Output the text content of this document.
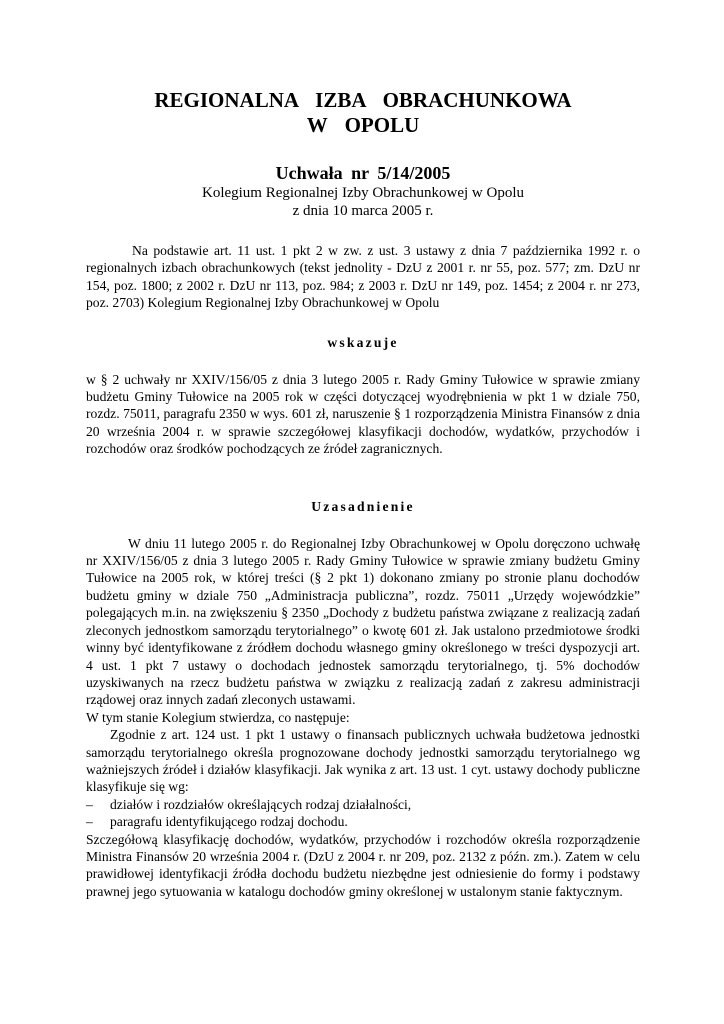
REGIONALNA IZBA OBRACHUNKOWA
W OPOLU
Uchwała nr 5/14/2005
Kolegium Regionalnej Izby Obrachunkowej w Opolu
z dnia 10 marca 2005 r.

Na podstawie art. 11 ust. 1 pkt 2 w zw. z ust. 3 ustawy z dnia 7 października 1992 r. o regionalnych izbach obrachunkowych (tekst jednolity - DzU z 2001 r. nr 55, poz. 577; zm. DzU nr 154, poz. 1800; z 2002 r. DzU nr 113, poz. 984; z 2003 r. DzU nr 149, poz. 1454; z 2004 r. nr 273, poz. 2703) Kolegium Regionalnej Izby Obrachunkowej w Opolu

wskazuje

w § 2 uchwały nr XXIV/156/05 z dnia 3 lutego 2005 r. Rady Gminy Tułowice w sprawie zmiany budżetu Gminy Tułowice na 2005 rok w części dotyczącej wyodrębnienia w pkt 1 w dziale 750, rozdz. 75011, paragrafu 2350 w wys. 601 zł, naruszenie § 1 rozporządzenia Ministra Finansów z dnia 20 września 2004 r. w sprawie szczegółowej klasyfikacji dochodów, wydatków, przychodów i rozchodów oraz środków pochodzących ze źródeł zagranicznych.

Uzasadnienie

W dniu 11 lutego 2005 r. do Regionalnej Izby Obrachunkowej w Opolu doręczono uchwałę nr XXIV/156/05 z dnia 3 lutego 2005 r. Rady Gminy Tułowice w sprawie zmiany budżetu Gminy Tułowice na 2005 rok, w której treści (§ 2 pkt 1) dokonano zmiany po stronie planu dochodów budżetu gminy w dziale 750 „Administracja publiczna”, rozdz. 75011 „Urzędy wojewódzkie” polegających m.in. na zwiększeniu § 2350 „Dochody z budżetu państwa związane z realizacją zadań zleconych jednostkom samorządu terytorialnego” o kwotę 601 zł. Jak ustalono przedmiotowe środki winny być identyfikowane z źródłem dochodu własnego gminy określonego w treści dyspozycji art. 4 ust. 1 pkt 7 ustawy o dochodach jednostek samorządu terytorialnego, tj. 5% dochodów uzyskiwanych na rzecz budżetu państwa w związku z realizacją zadań z zakresu administracji rządowej oraz innych zadań zleconych ustawami.

W tym stanie Kolegium stwierdza, co następuje:

Zgodnie z art. 124 ust. 1 pkt 1 ustawy o finansach publicznych uchwała budżetowa jednostki samorządu terytorialnego określa prognozowane dochody jednostki samorządu terytorialnego wg ważniejszych źródeł i działów klasyfikacji. Jak wynika z art. 13 ust. 1 cyt. ustawy dochody publiczne klasyfikuje się wg:

– działów i rozdziałów określających rodzaj działalności,
– paragrafu identyfikującego rodzaj dochodu.

Szczegółową klasyfikację dochodów, wydatków, przychodów i rozchodów określa rozporządzenie Ministra Finansów 20 września 2004 r. (DzU z 2004 r. nr 209, poz. 2132 z późn. zm.). Zatem w celu prawidłowej identyfikacji źródła dochodu budżetu niezbędne jest odniesienie do formy i podstawy prawnej jego sytuowania w katalogu dochodów gminy określonej w ustalonym stanie faktycznym.
